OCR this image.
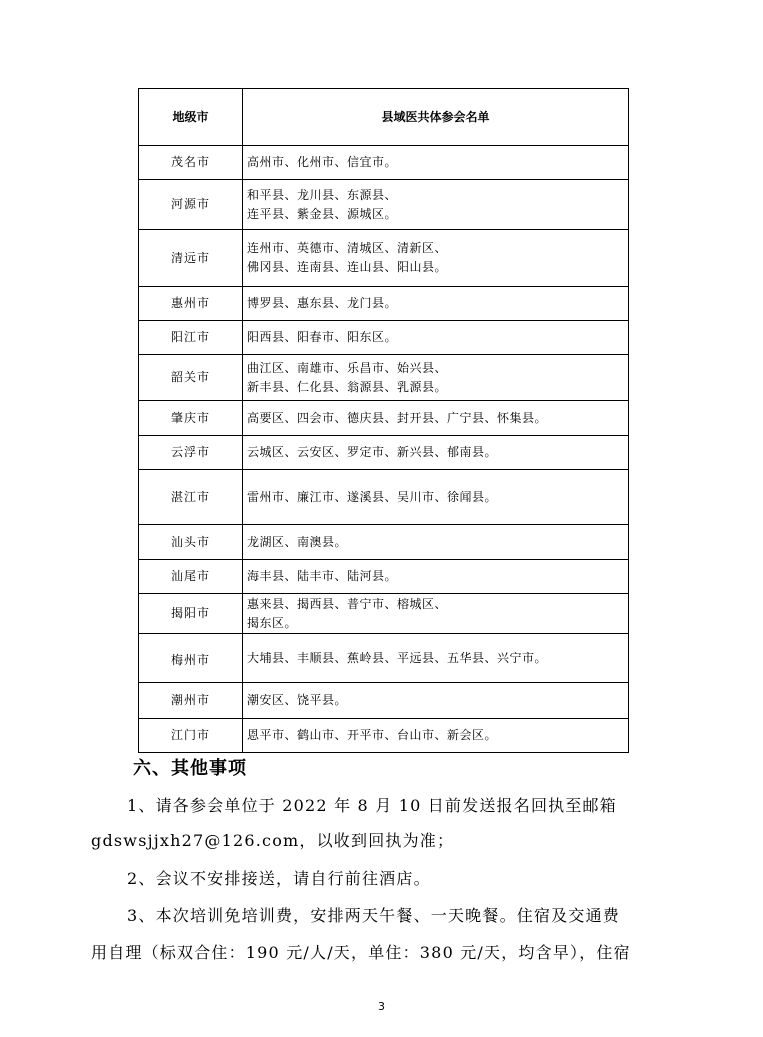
地级市	县域医共体参会名单
茂名市	高州市、化州市、信宜市。

河源市	和平县、龙川县、东源县、
连平县、紫金县、源城区。

清远市	连州市、英德市、清城区、清新区、
佛冈县、连南县、连山县、阳山县。

惠州市	博罗县、惠东县、龙门县。

阳江市	阳西县、阳春市、阳东区。

韶关市	曲江区、南雄市、乐昌市、始兴县、
新丰县、仁化县、翁源县、乳源县。

肇庆市	高要区、四会市、德庆县、封开县、广宁县、怀集县。

云浮市	云城区、云安区、罗定市、新兴县、郁南县。

湛江市	雷州市、廉江市、遂溪县、吴川市、徐闻县。

汕头市	龙湖区、南澳县。

汕尾市	海丰县、陆丰市、陆河县。

揭阳市	惠来县、揭西县、普宁市、榕城区、
揭东区。

梅州市	大埔县、丰顺县、蕉岭县、平远县、五华县、兴宁市。

潮州市	潮安区、饶平县。

江门市	恩平市、鹤山市、开平市、台山市、新会区。
六、其他事项
1、请各参会单位于 2022 年 8 月 10 日前发送报名回执至邮箱
gdswsjjxh27@126.com，以收到回执为准；
2、会议不安排接送，请自行前往酒店。
3、本次培训免培训费，安排两天午餐、一天晚餐。住宿及交通费
用自理（标双合住：190 元/人/天，单住：380 元/天，均含早），住宿
3
